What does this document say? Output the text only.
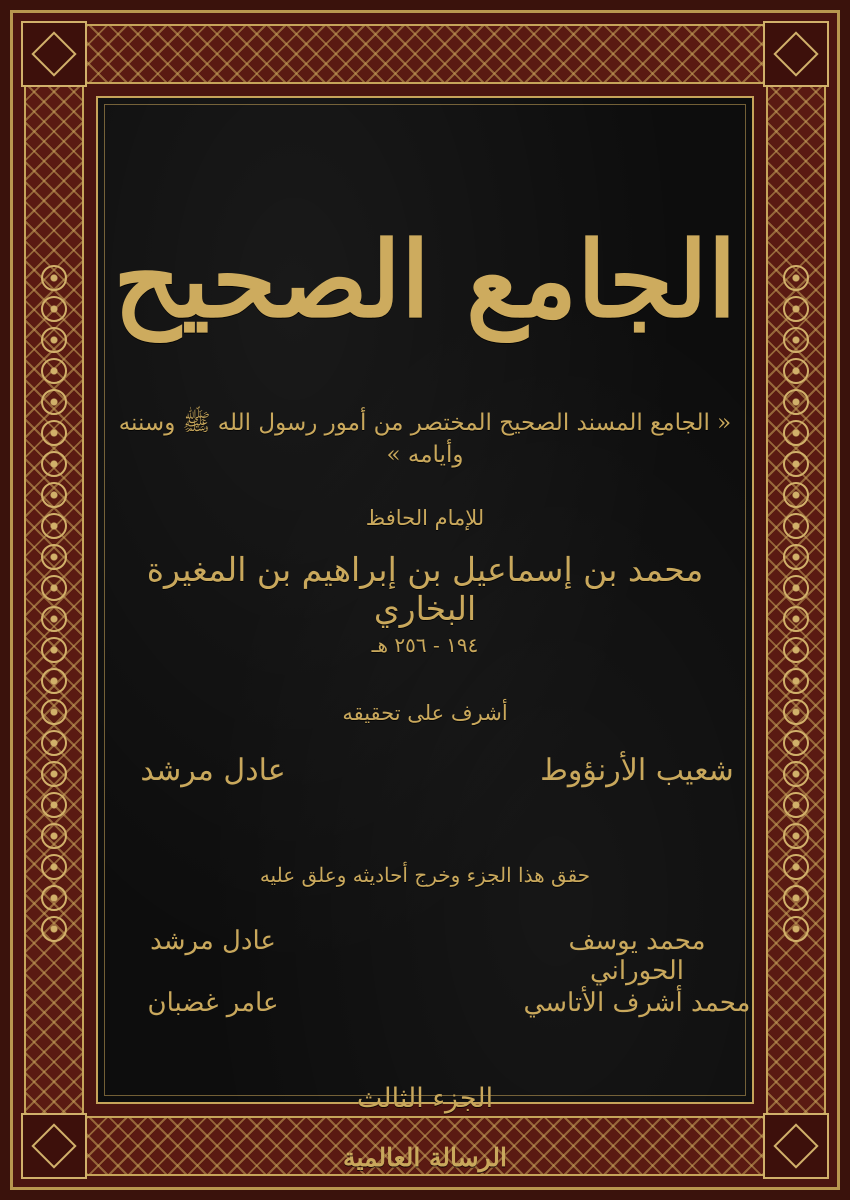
الجامع الصحيح
« الجامع المسند الصحيح المختصر من أمور رسول الله ﷺ وسننه وأيامه »
للإمام الحافظ
محمد بن إسماعيل بن إبراهيم بن المغيرة البخاري
١٩٤ - ٢٥٦ هـ
أشرف على تحقيقه
شعيب الأرنؤوط
عادل مرشد
حقق هذا الجزء وخرج أحاديثه وعلق عليه
محمد يوسف الحوراني
عادل مرشد
محمد أشرف الأتاسي
عامر غضبان
الجزء الثالث
الرسالة العالمية
